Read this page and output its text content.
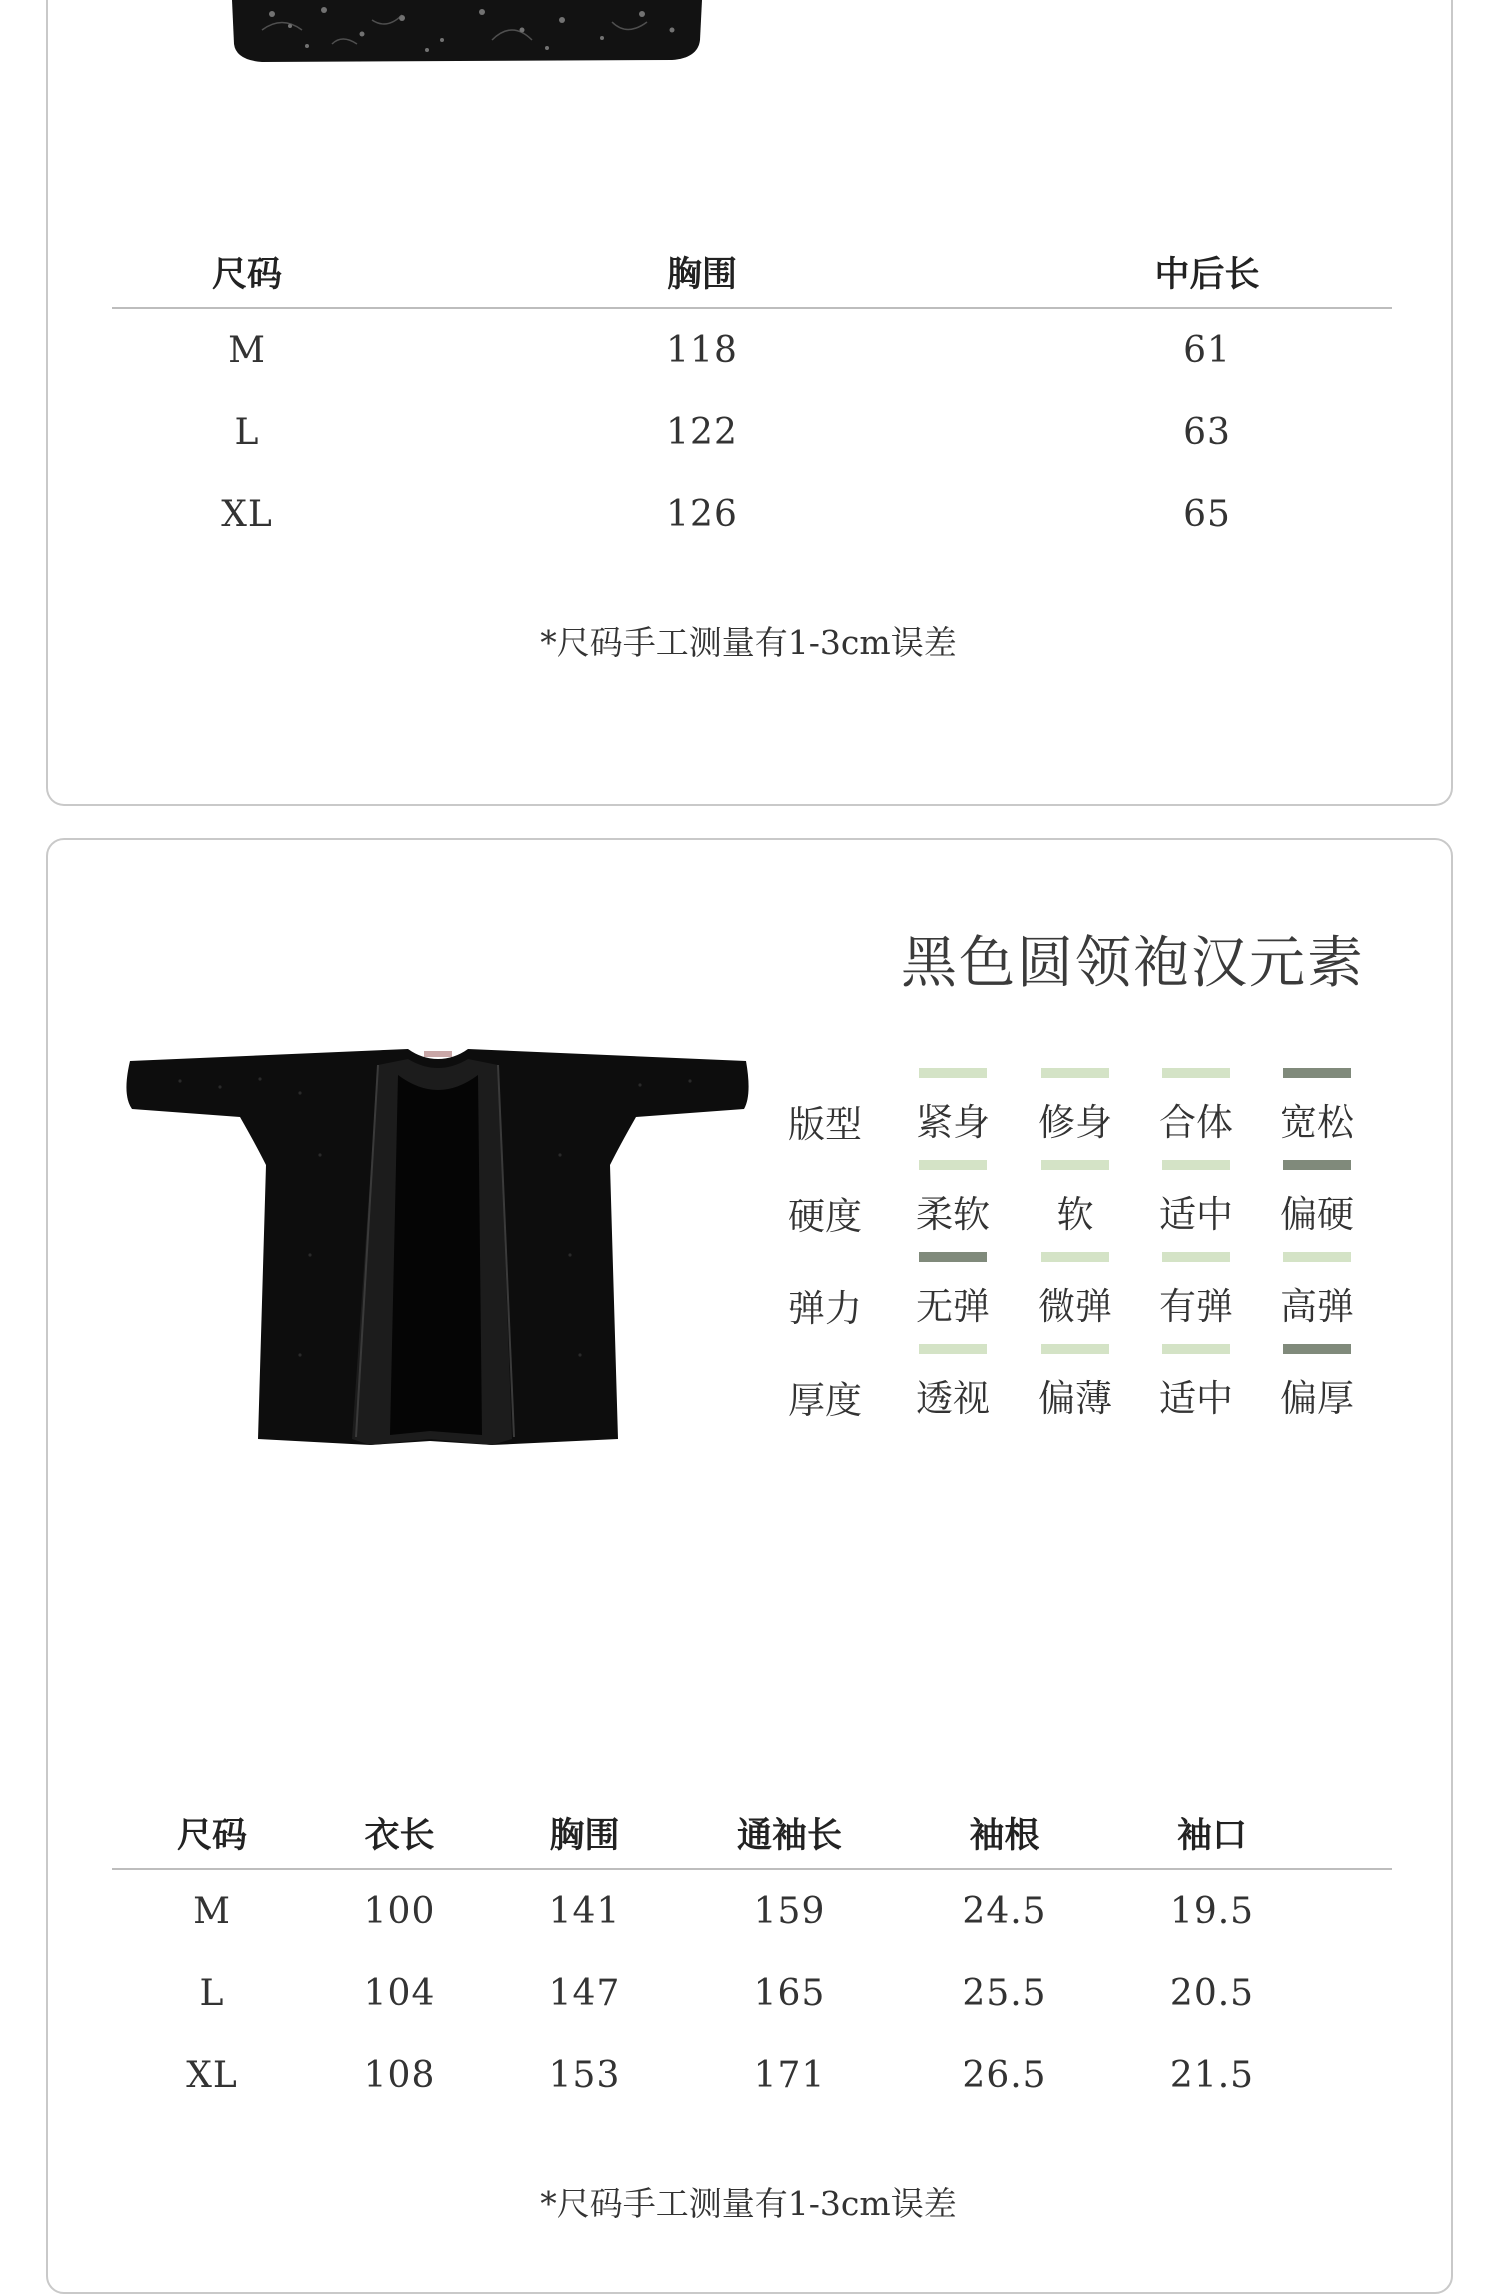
尺码	胸围	中后长
M	118	61
L	122	63
XL	126	65
*尺码手工测量有1-3cm误差
黑色圆领袍汉元素
版型 紧身 修身 合体 宽松
硬度 柔软	软	适中 偏硬
弹力 无弹 微弹 有弹 高弹
厚度 透视 偏薄 适中 偏厚
尺码	衣长	胸围	通袖长	袖根	袖口	
M	100	141	159	24.5	19.5	
L	104	147	165	25.5	20.5	
XL	108	153	171	26.5	21.5	
*尺码手工测量有1-3cm误差
